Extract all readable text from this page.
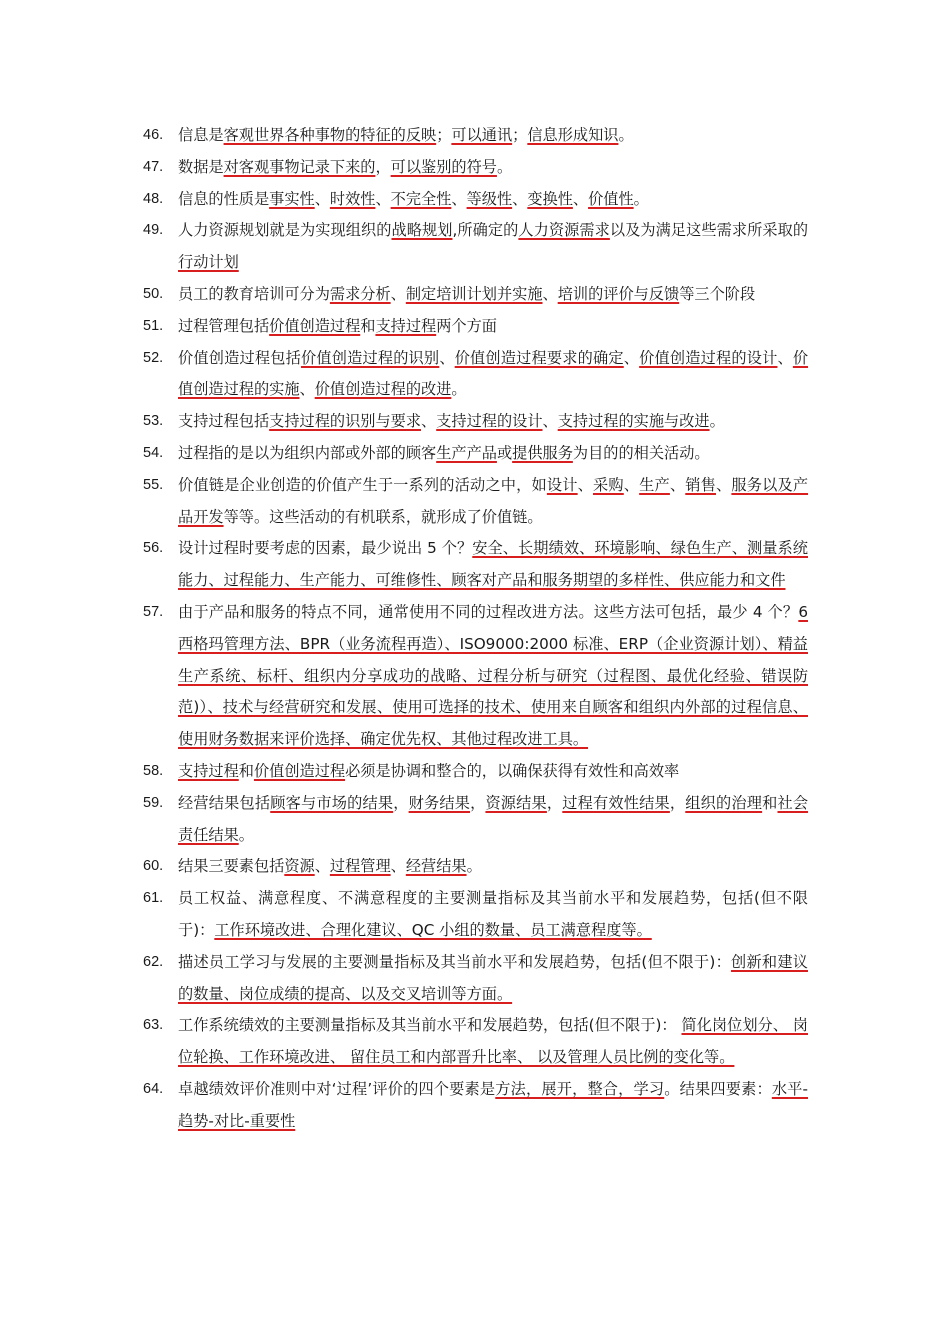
46. 信息是客观世界各种事物的特征的反映；可以通讯；信息形成知识。
47. 数据是对客观事物记录下来的，可以鉴别的符号。
48. 信息的性质是事实性、时效性、不完全性、等级性、变换性、价值性。
49. 人力资源规划就是为实现组织的战略规划,所确定的人力资源需求以及为满足这些需求所采取的行动计划
50. 员工的教育培训可分为需求分析、制定培训计划并实施、培训的评价与反馈等三个阶段
51. 过程管理包括价值创造过程和支持过程两个方面
52. 价值创造过程包括价值创造过程的识别、价值创造过程要求的确定、价值创造过程的设计、价值创造过程的实施、价值创造过程的改进。
53. 支持过程包括支持过程的识别与要求、支持过程的设计、支持过程的实施与改进。
54. 过程指的是以为组织内部或外部的顾客生产产品或提供服务为目的的相关活动。
55. 价值链是企业创造的价值产生于一系列的活动之中，如设计、采购、生产、销售、服务以及产品开发等等。这些活动的有机联系，就形成了价值链。
56. 设计过程时要考虑的因素，最少说出 5 个？安全、长期绩效、环境影响、绿色生产、测量系统能力、过程能力、生产能力、可维修性、顾客对产品和服务期望的多样性、供应能力和文件
57. 由于产品和服务的特点不同，通常使用不同的过程改进方法。这些方法可包括，最少 4 个？6 西格玛管理方法、BPR（业务流程再造）、ISO9000:2000 标准、ERP（企业资源计划）、精益生产系统、标杆、组织内分享成功的战略、过程分析与研究（过程图、最优化经验、错误防范)）、技术与经营研究和发展、使用可选择的技术、使用来自顾客和组织内外部的过程信息、使用财务数据来评价选择、确定优先权、其他过程改进工具。
58. 支持过程和价值创造过程必须是协调和整合的，以确保获得有效性和高效率
59. 经营结果包括顾客与市场的结果，财务结果，资源结果，过程有效性结果，组织的治理和社会责任结果。
60. 结果三要素包括资源、过程管理、经营结果。
61. 员工权益、满意程度、不满意程度的主要测量指标及其当前水平和发展趋势，包括(但不限于)：工作环境改进、合理化建议、QC 小组的数量、员工满意程度等。
62. 描述员工学习与发展的主要测量指标及其当前水平和发展趋势，包括(但不限于)：创新和建议的数量、岗位成绩的提高、以及交叉培训等方面。
63. 工作系统绩效的主要测量指标及其当前水平和发展趋势，包括(但不限于)： 简化岗位划分、 岗位轮换、工作环境改进、 留住员工和内部晋升比率、 以及管理人员比例的变化等。
64. 卓越绩效评价准则中对‘过程’评价的四个要素是方法，展开，整合，学习。结果四要素：水平-趋势-对比-重要性
